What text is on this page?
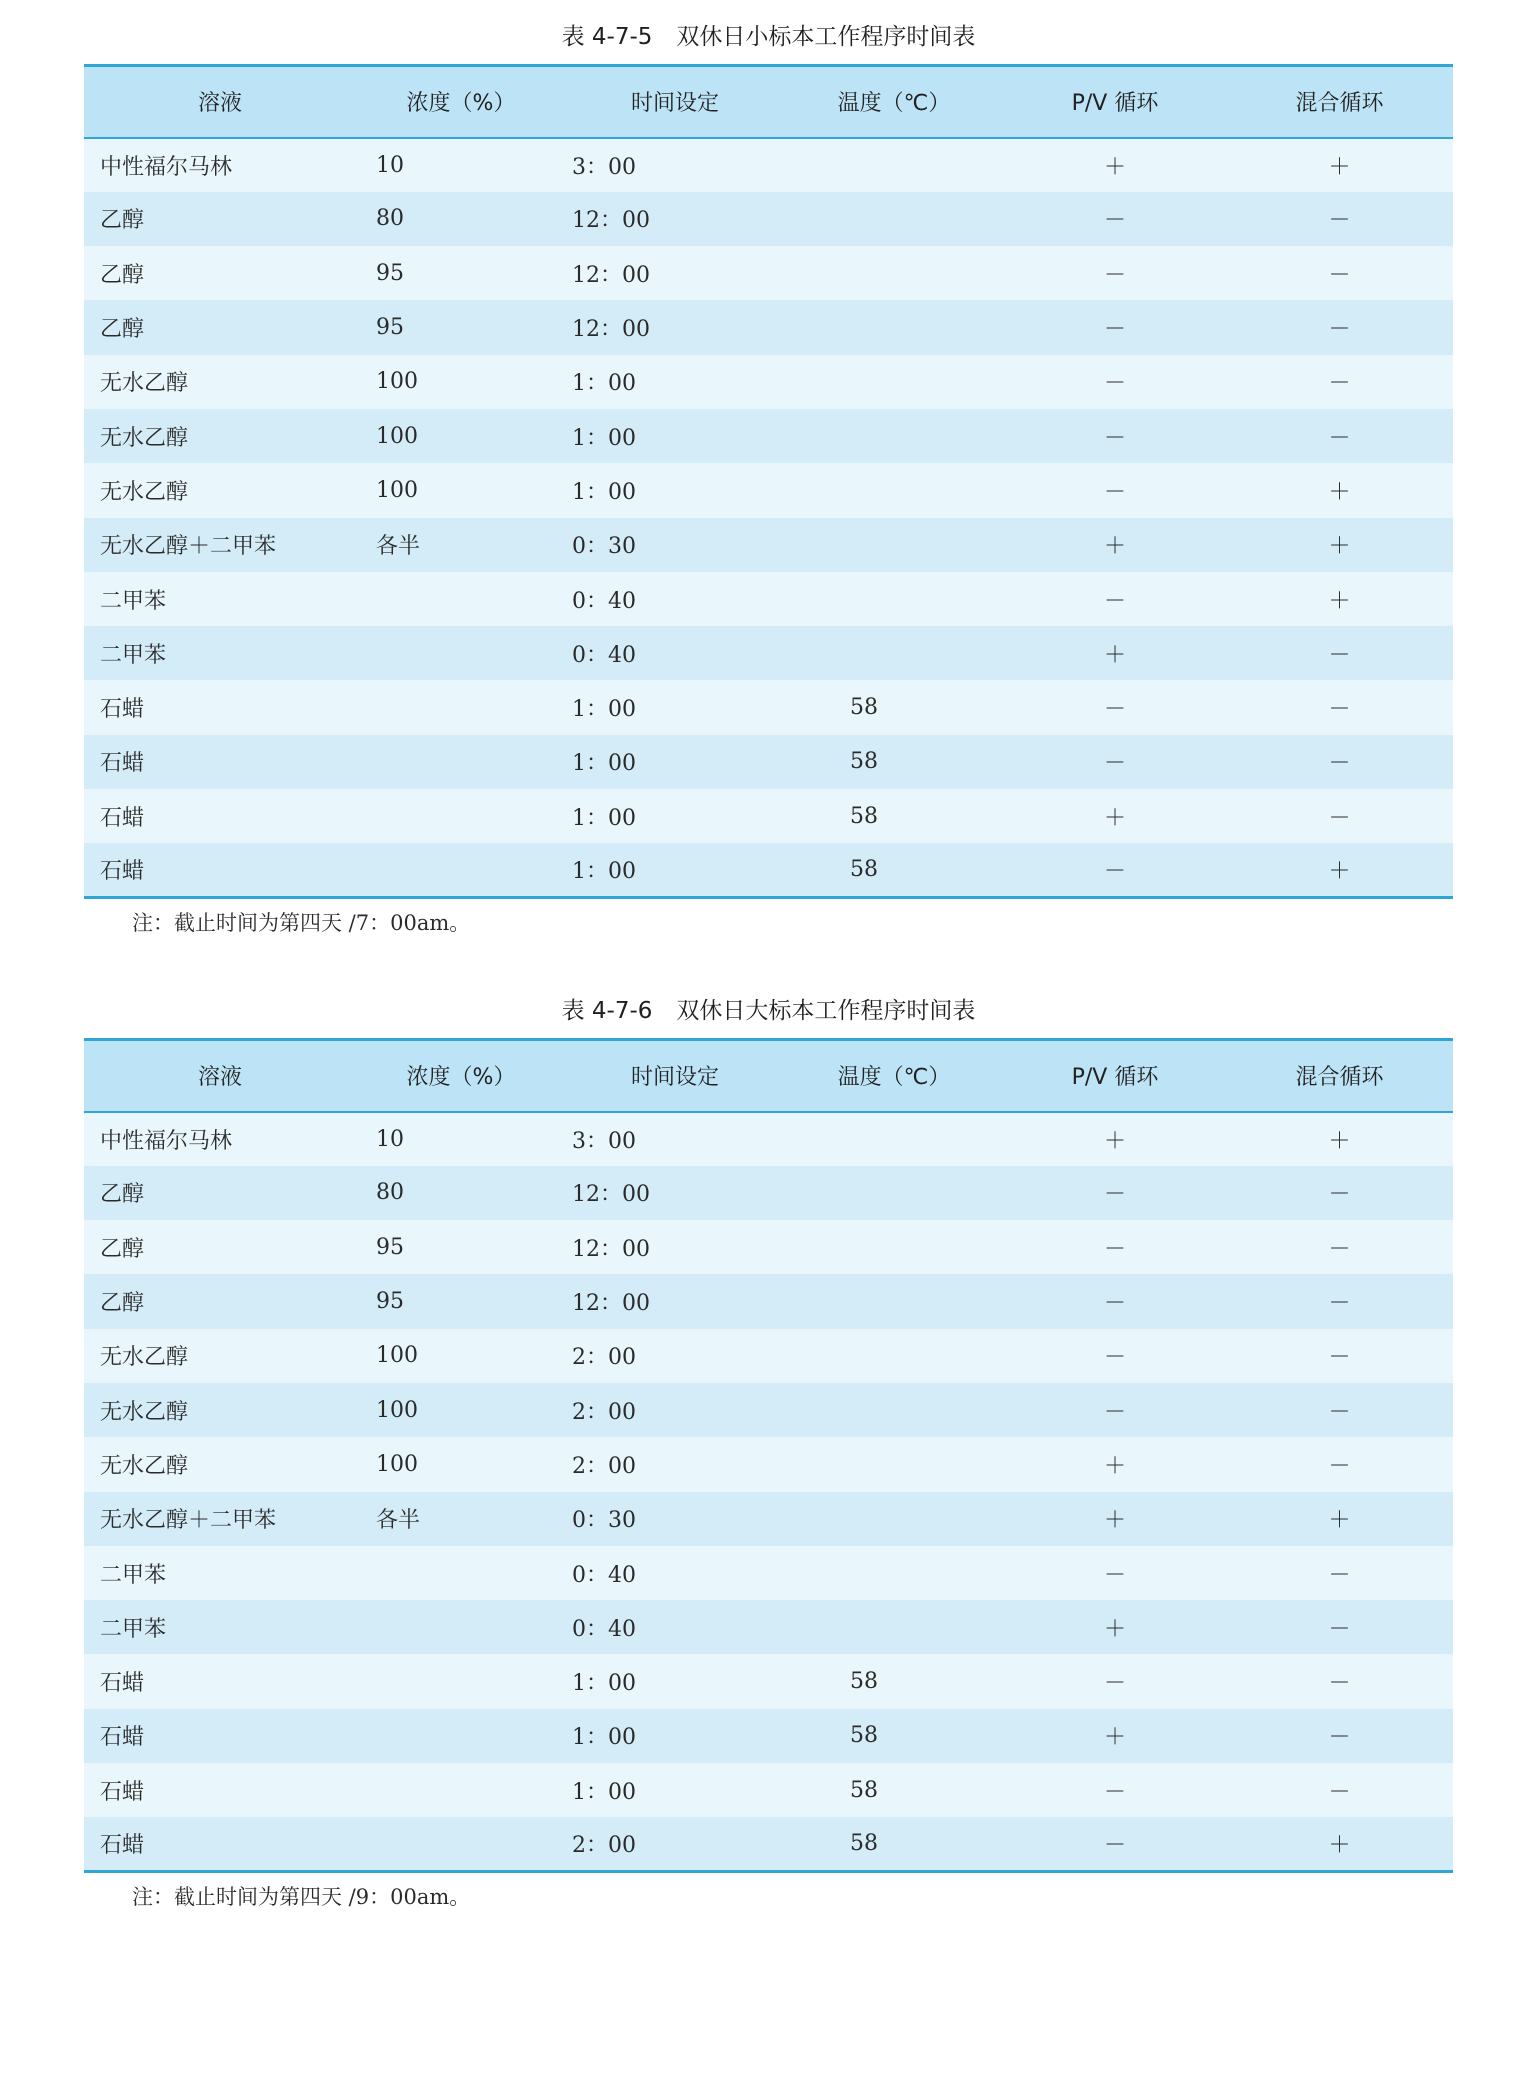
表 4-7-5 双休日小标本工作程序时间表
溶液	浓度（%）	时间设定	温度（℃）	P/V 循环	混合循环
中性福尔马林	10	3：00		＋	＋
乙醇	80	12：00		－	－
乙醇	95	12：00		－	－
乙醇	95	12：00		－	－
无水乙醇	100	1：00		－	－
无水乙醇	100	1：00		－	－
无水乙醇	100	1：00		－	＋
无水乙醇＋二甲苯	各半	0：30		＋	＋
二甲苯		0：40		－	＋
二甲苯		0：40		＋	－
石蜡		1：00	58	－	－
石蜡		1：00	58	－	－
石蜡		1：00	58	＋	－
石蜡		1：00	58	－	＋
注：截止时间为第四天 /7：00am。
表 4-7-6 双休日大标本工作程序时间表
溶液	浓度（%）	时间设定	温度（℃）	P/V 循环	混合循环
中性福尔马林	10	3：00		＋	＋
乙醇	80	12：00		－	－
乙醇	95	12：00		－	－
乙醇	95	12：00		－	－
无水乙醇	100	2：00		－	－
无水乙醇	100	2：00		－	－
无水乙醇	100	2：00		＋	－
无水乙醇＋二甲苯	各半	0：30		＋	＋
二甲苯		0：40		－	－
二甲苯		0：40		＋	－
石蜡		1：00	58	－	－
石蜡		1：00	58	＋	－
石蜡		1：00	58	－	－
石蜡		2：00	58	－	＋
注：截止时间为第四天 /9：00am。
